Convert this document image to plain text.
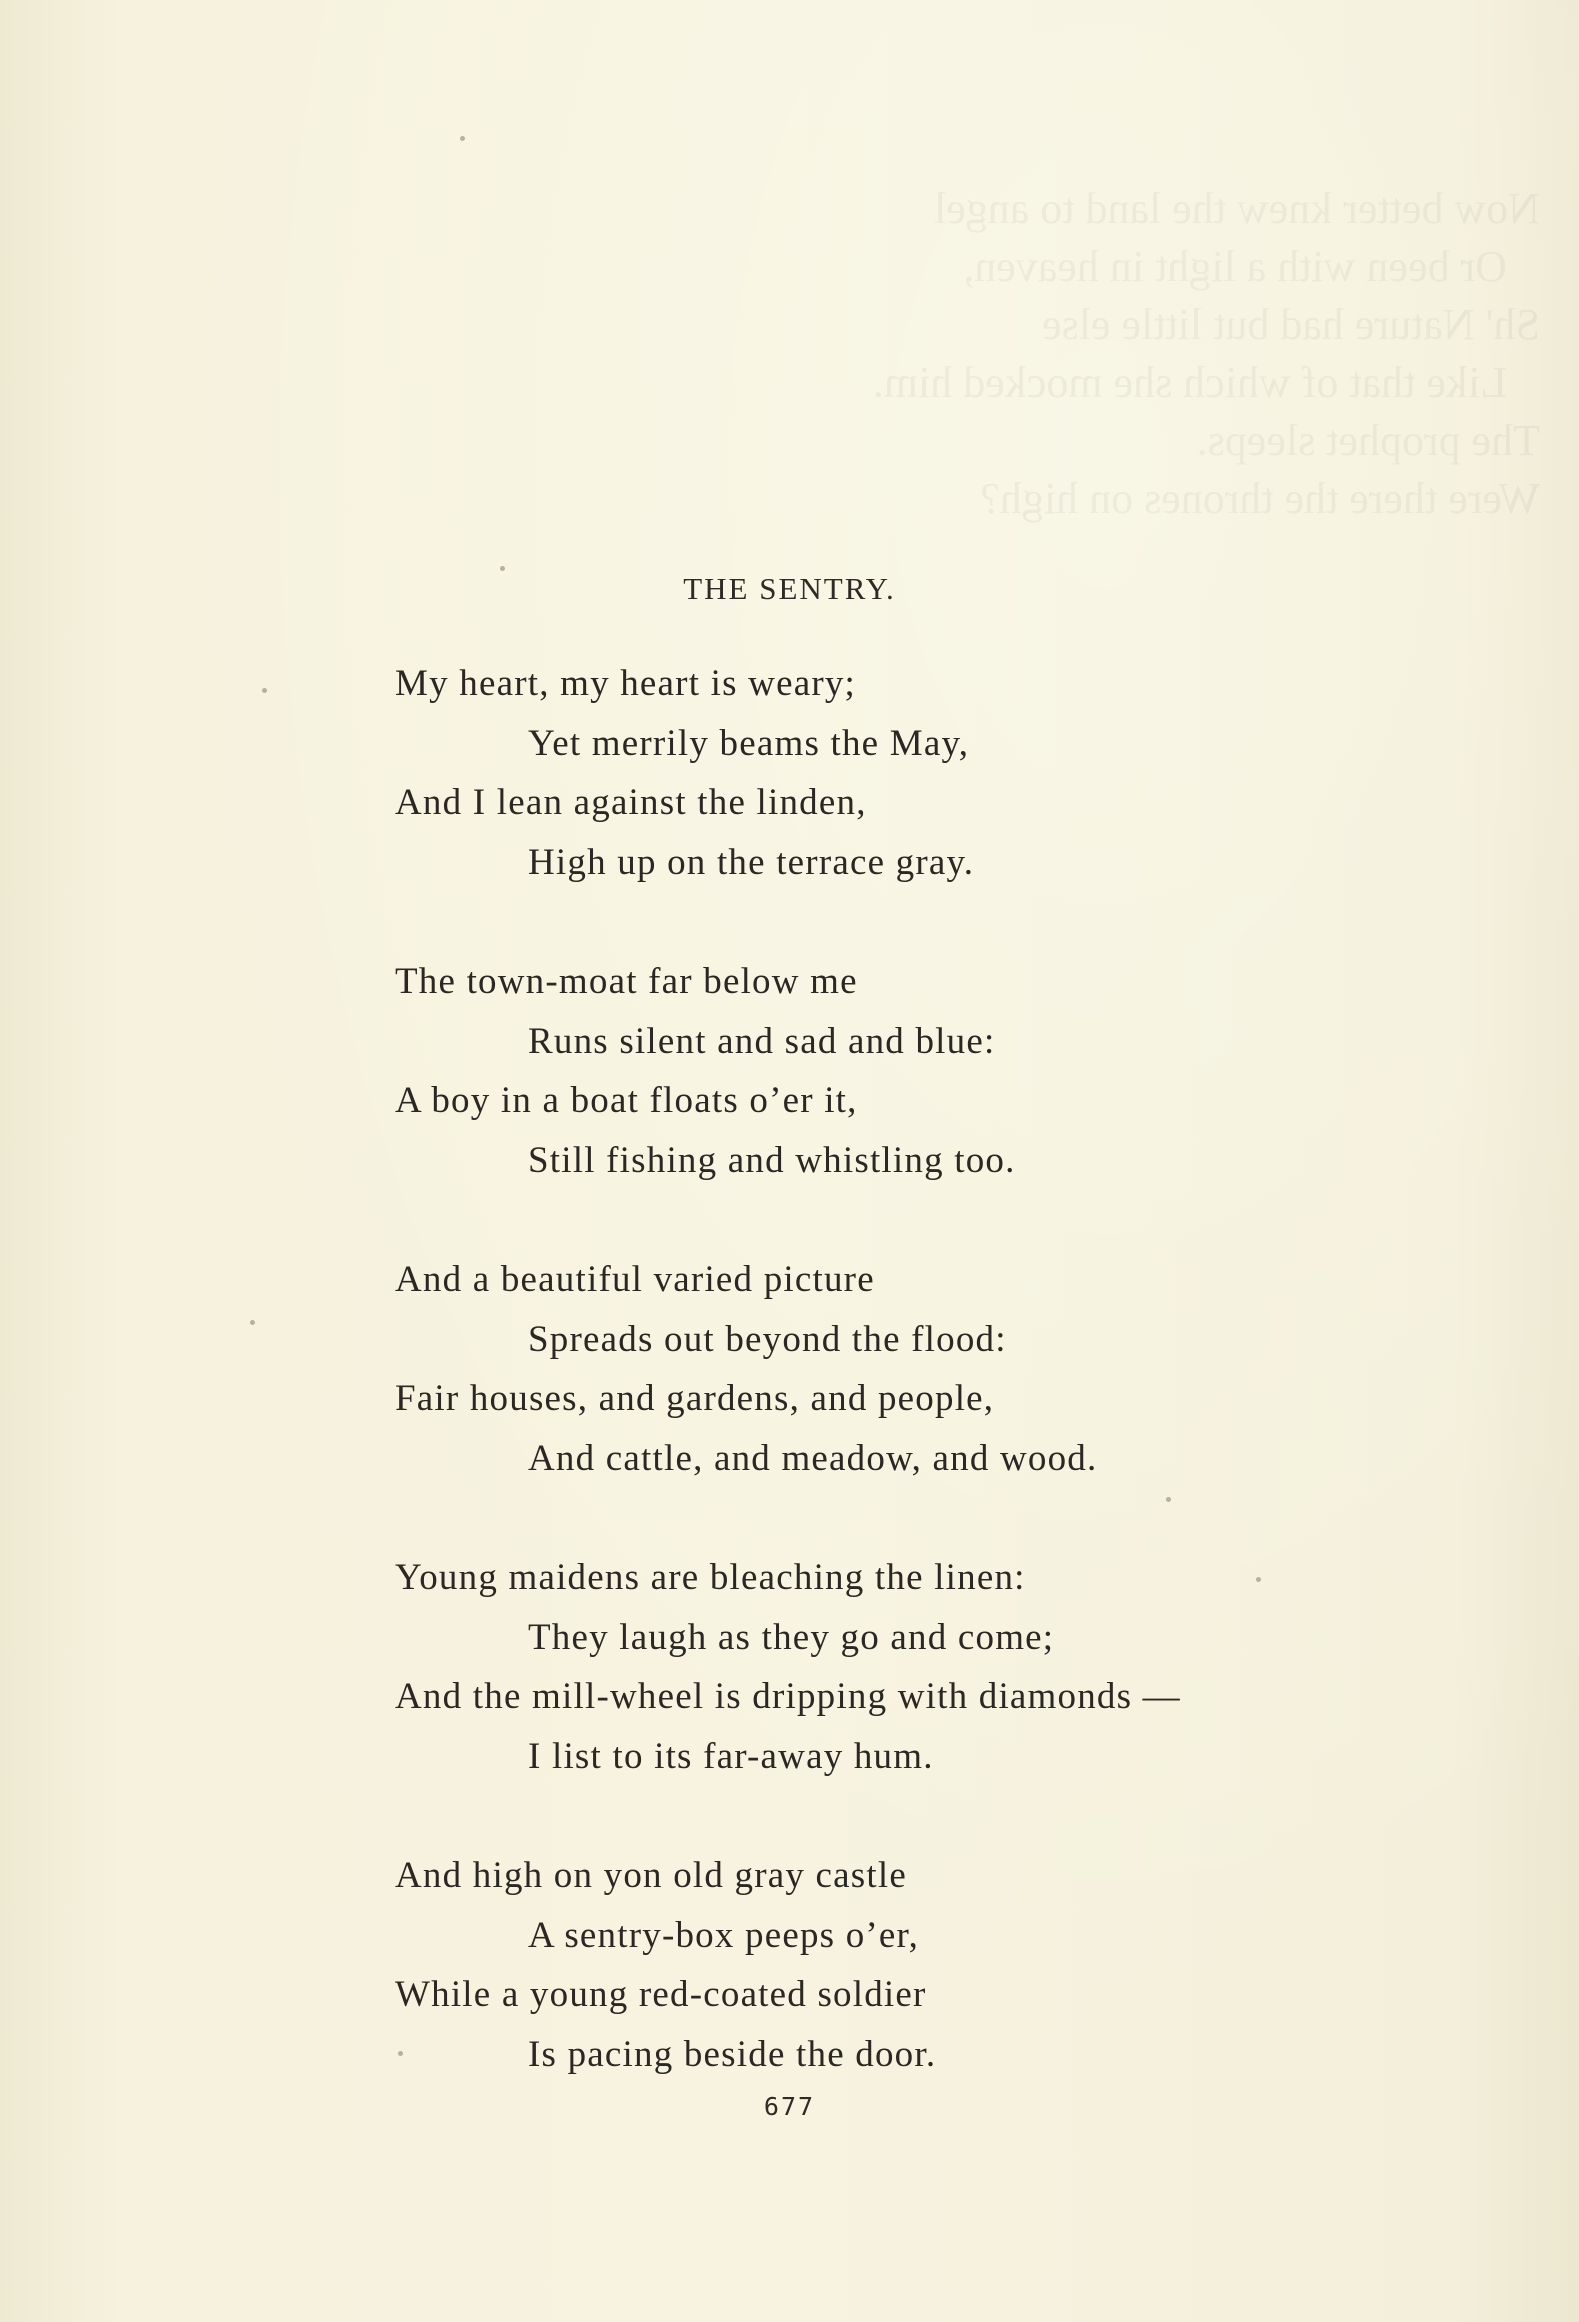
Now better knew the land to angel
Or been with a light in heaven,
Sh' Nature had but little else
Like that of which she mocked him.
The prophet sleeps.
Were there the thrones on high?
THE SENTRY.
My heart, my heart is weary;
Yet merrily beams the May,
And I lean against the linden,
High up on the terrace gray.
The town-moat far below me
Runs silent and sad and blue:
A boy in a boat floats o’er it,
Still fishing and whistling too.
And a beautiful varied picture
Spreads out beyond the flood:
Fair houses, and gardens, and people,
And cattle, and meadow, and wood.
Young maidens are bleaching the linen:
They laugh as they go and come;
And the mill-wheel is dripping with diamonds —
I list to its far-away hum.
And high on yon old gray castle
A sentry-box peeps o’er,
While a young red-coated soldier
Is pacing beside the door.
677
